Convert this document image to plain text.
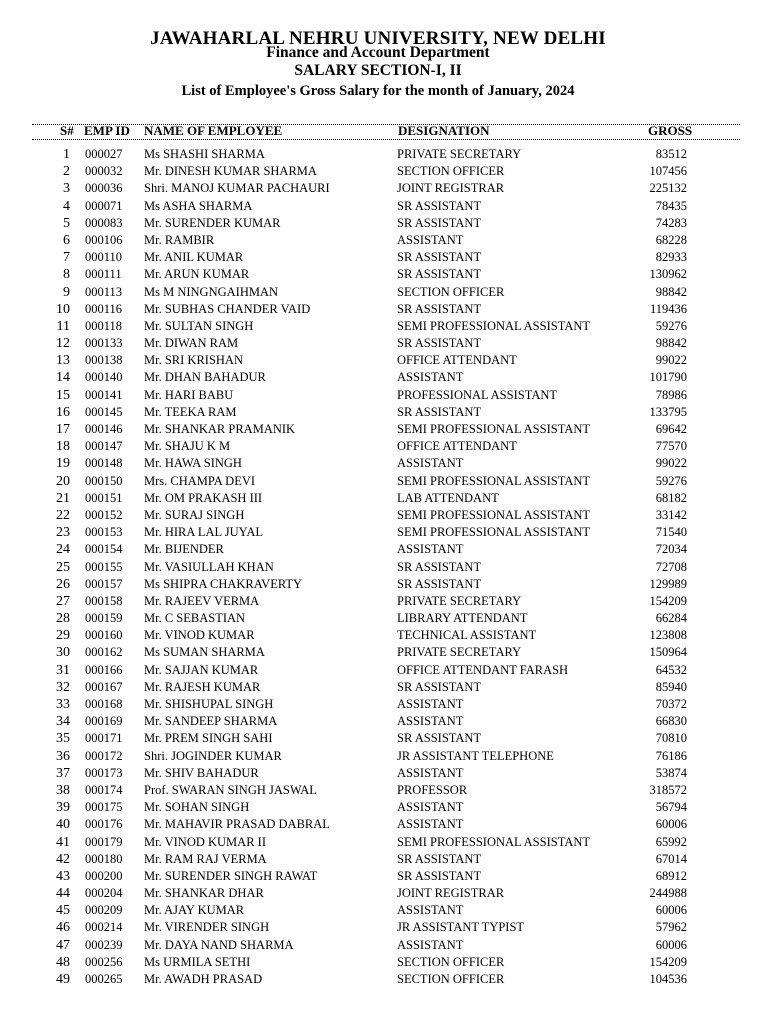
JAWAHARLAL NEHRU UNIVERSITY, NEW DELHI
Finance and Account Department
SALARY SECTION-I, II
List of Employee's Gross Salary for the month of January, 2024
S# EMP ID NAME OF EMPLOYEE	DESIGNATION	GROSS
1 000027 Ms SHASHI SHARMA	PRIVATE SECRETARY	83512
2 000032 Mr. DINESH KUMAR SHARMA	SECTION OFFICER	107456
3 000036 Shri. MANOJ KUMAR PACHAURI	JOINT REGISTRAR	225132
4 000071 Ms ASHA SHARMA	SR ASSISTANT	78435
5 000083 Mr. SURENDER KUMAR	SR ASSISTANT	74283
6 000106 Mr. RAMBIR	ASSISTANT	68228
7 000110 Mr. ANIL KUMAR	SR ASSISTANT	82933
8 000111 Mr. ARUN KUMAR	SR ASSISTANT	130962
9 000113 Ms M NINGNGAIHMAN	SECTION OFFICER	98842
10 000116 Mr. SUBHAS CHANDER VAID	SR ASSISTANT	119436
11 000118 Mr. SULTAN SINGH	SEMI PROFESSIONAL ASSISTANT	59276
12 000133 Mr. DIWAN RAM	SR ASSISTANT	98842
13 000138 Mr. SRI KRISHAN	OFFICE ATTENDANT	99022
14 000140 Mr. DHAN BAHADUR	ASSISTANT	101790
15 000141 Mr. HARI BABU	PROFESSIONAL ASSISTANT	78986
16 000145 Mr. TEEKA RAM	SR ASSISTANT	133795
17 000146 Mr. SHANKAR PRAMANIK	SEMI PROFESSIONAL ASSISTANT	69642
18 000147 Mr. SHAJU K M	OFFICE ATTENDANT	77570
19 000148 Mr. HAWA SINGH	ASSISTANT	99022
20 000150 Mrs. CHAMPA DEVI	SEMI PROFESSIONAL ASSISTANT	59276
21 000151 Mr. OM PRAKASH III	LAB ATTENDANT	68182
22 000152 Mr. SURAJ SINGH	SEMI PROFESSIONAL ASSISTANT	33142
23 000153 Mr. HIRA LAL JUYAL	SEMI PROFESSIONAL ASSISTANT	71540
24 000154 Mr. BIJENDER	ASSISTANT	72034
25 000155 Mr. VASIULLAH KHAN	SR ASSISTANT	72708
26 000157 Ms SHIPRA CHAKRAVERTY	SR ASSISTANT	129989
27 000158 Mr. RAJEEV VERMA	PRIVATE SECRETARY	154209
28 000159 Mr. C SEBASTIAN	LIBRARY ATTENDANT	66284
29 000160 Mr. VINOD KUMAR	TECHNICAL ASSISTANT	123808
30 000162 Ms SUMAN SHARMA	PRIVATE SECRETARY	150964
31 000166 Mr. SAJJAN KUMAR	OFFICE ATTENDANT FARASH	64532
32 000167 Mr. RAJESH KUMAR	SR ASSISTANT	85940
33 000168 Mr. SHISHUPAL SINGH	ASSISTANT	70372
34 000169 Mr. SANDEEP SHARMA	ASSISTANT	66830
35 000171 Mr. PREM SINGH SAHI	SR ASSISTANT	70810
36 000172 Shri. JOGINDER KUMAR	JR ASSISTANT TELEPHONE	76186
37 000173 Mr. SHIV BAHADUR	ASSISTANT	53874
38 000174 Prof. SWARAN SINGH JASWAL	PROFESSOR	318572
39 000175 Mr. SOHAN SINGH	ASSISTANT	56794
40 000176 Mr. MAHAVIR PRASAD DABRAL	ASSISTANT	60006
41 000179 Mr. VINOD KUMAR II	SEMI PROFESSIONAL ASSISTANT	65992
42 000180 Mr. RAM RAJ VERMA	SR ASSISTANT	67014
43 000200 Mr. SURENDER SINGH RAWAT	SR ASSISTANT	68912
44 000204 Mr. SHANKAR DHAR	JOINT REGISTRAR	244988
45 000209 Mr. AJAY KUMAR	ASSISTANT	60006
46 000214 Mr. VIRENDER SINGH	JR ASSISTANT TYPIST	57962
47 000239 Mr. DAYA NAND SHARMA	ASSISTANT	60006
48 000256 Ms URMILA SETHI	SECTION OFFICER	154209
49 000265 Mr. AWADH PRASAD	SECTION OFFICER	104536
